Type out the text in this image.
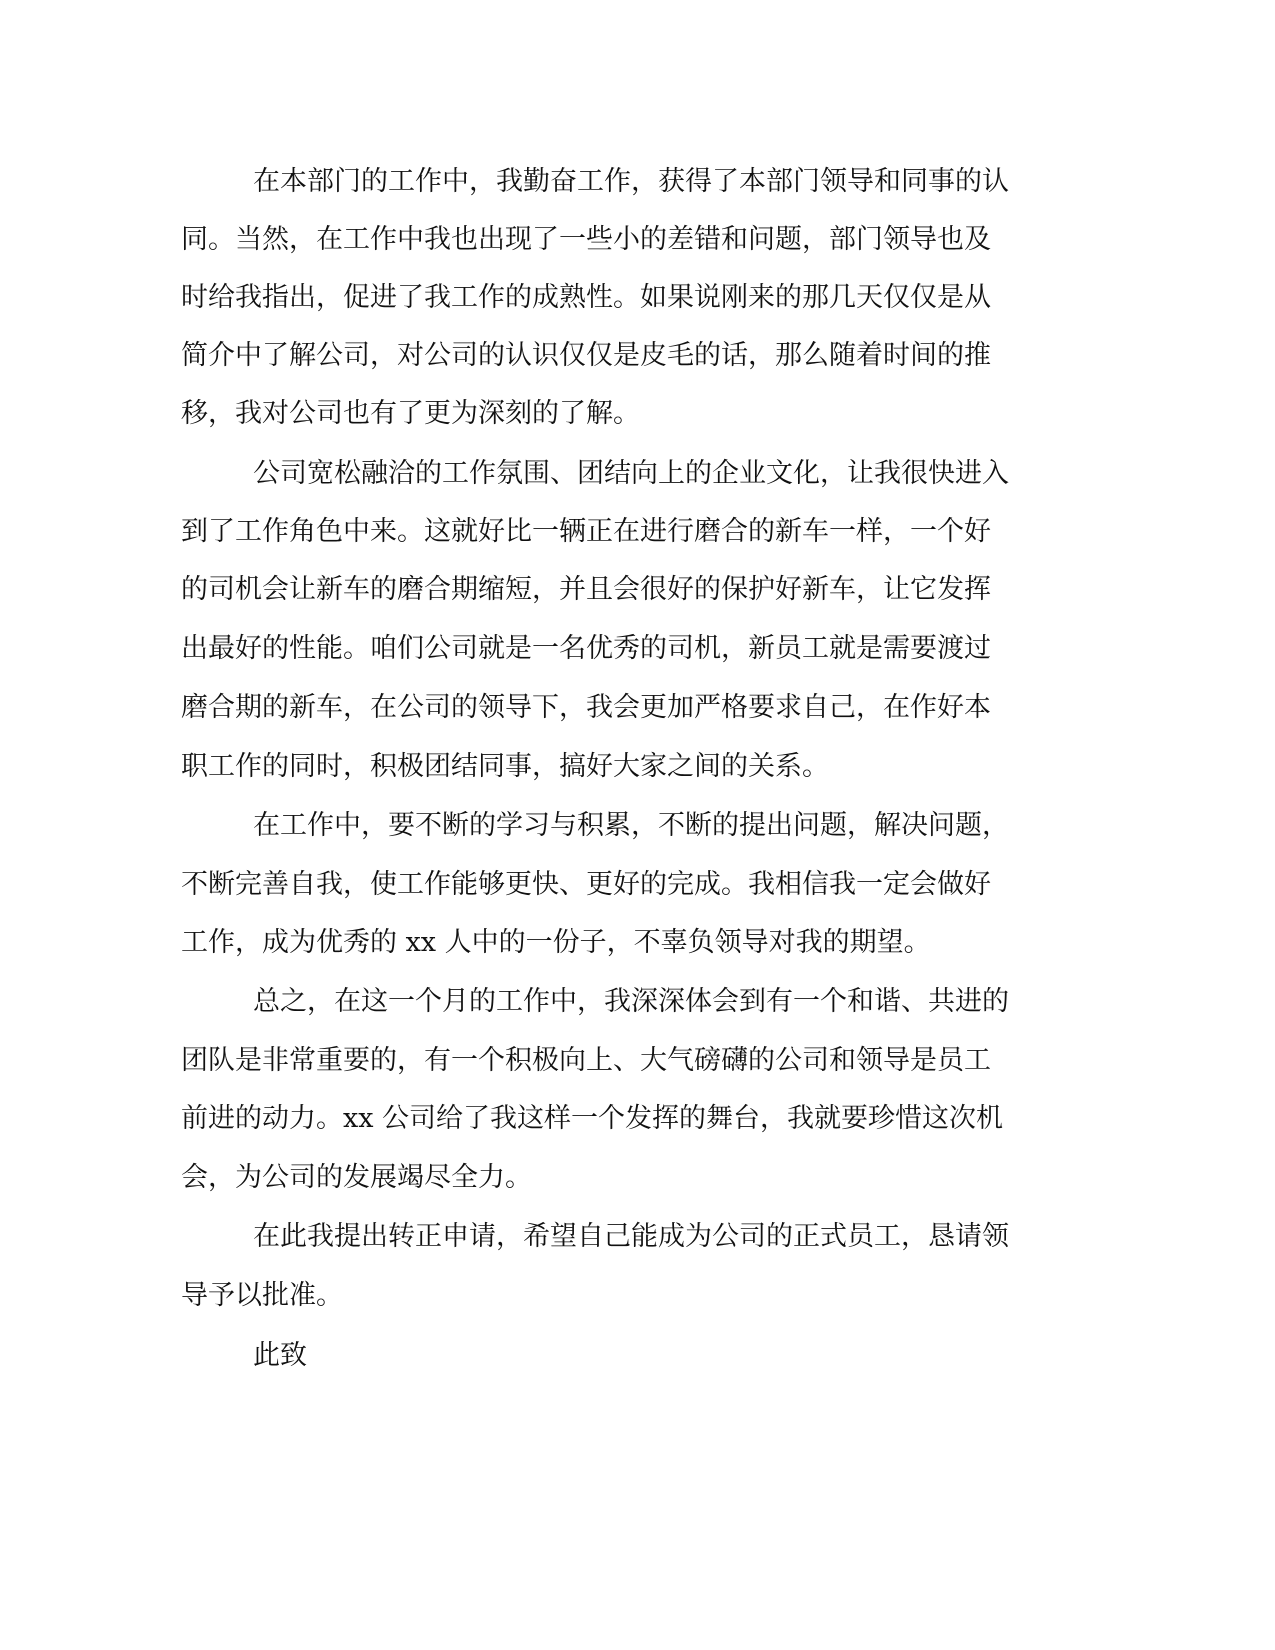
在本部门的工作中，我勤奋工作，获得了本部门领导和同事的认

同。当然，在工作中我也出现了一些小的差错和问题，部门领导也及

时给我指出，促进了我工作的成熟性。如果说刚来的那几天仅仅是从

简介中了解公司，对公司的认识仅仅是皮毛的话，那么随着时间的推

移，我对公司也有了更为深刻的了解。

公司宽松融洽的工作氛围、团结向上的企业文化，让我很快进入

到了工作角色中来。这就好比一辆正在进行磨合的新车一样，一个好

的司机会让新车的磨合期缩短，并且会很好的保护好新车，让它发挥

出最好的性能。咱们公司就是一名优秀的司机，新员工就是需要渡过

磨合期的新车，在公司的领导下，我会更加严格要求自己，在作好本

职工作的同时，积极团结同事，搞好大家之间的关系。

在工作中，要不断的学习与积累，不断的提出问题，解决问题，

不断完善自我，使工作能够更快、更好的完成。我相信我一定会做好

工作，成为优秀的 xx 人中的一份子，不辜负领导对我的期望。

总之，在这一个月的工作中，我深深体会到有一个和谐、共进的

团队是非常重要的，有一个积极向上、大气磅礴的公司和领导是员工

前进的动力。xx 公司给了我这样一个发挥的舞台，我就要珍惜这次机

会，为公司的发展竭尽全力。

在此我提出转正申请，希望自己能成为公司的正式员工，恳请领

导予以批准。

此致
